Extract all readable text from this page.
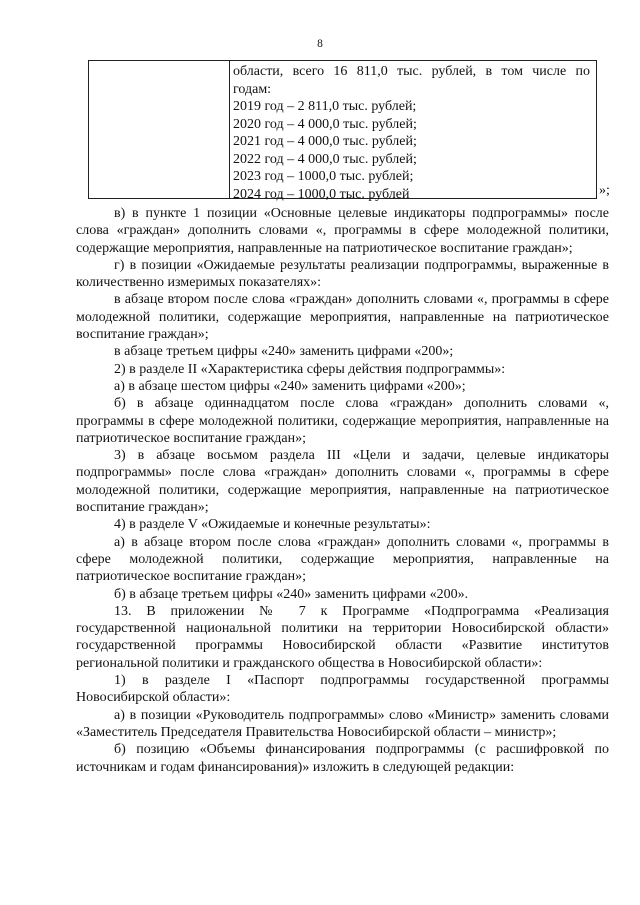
8
области, всего 16 811,0 тыс. рублей, в том числе по
годам:
2019 год – 2 811,0 тыс. рублей;
2020 год – 4 000,0 тыс. рублей;
2021 год – 4 000,0 тыс. рублей;
2022 год – 4 000,0 тыс. рублей;
2023 год – 1000,0 тыс. рублей;
2024 год – 1000,0 тыс. рублей	»;

в) в пункте 1 позиции «Основные целевые индикаторы подпрограммы» после слова «граждан» дополнить словами «, программы в сфере молодежной политики, содержащие мероприятия, направленные на патриотическое воспитание граждан»;

г) в позиции «Ожидаемые результаты реализации подпрограммы, выраженные в количественно измеримых показателях»:

в абзаце втором после слова «граждан» дополнить словами «, программы в сфере молодежной политики, содержащие мероприятия, направленные на патриотическое воспитание граждан»;

в абзаце третьем цифры «240» заменить цифрами «200»;

2) в разделе II «Характеристика сферы действия подпрограммы»:

а) в абзаце шестом цифры «240» заменить цифрами «200»;

б) в абзаце одиннадцатом после слова «граждан» дополнить словами «, программы в сфере молодежной политики, содержащие мероприятия, направленные на патриотическое воспитание граждан»;

3) в абзаце восьмом раздела III «Цели и задачи, целевые индикаторы подпрограммы» после слова «граждан» дополнить словами «, программы в сфере молодежной политики, содержащие мероприятия, направленные на патриотическое воспитание граждан»;

4) в разделе V «Ожидаемые и конечные результаты»:

а) в абзаце втором после слова «граждан» дополнить словами «, программы в сфере молодежной политики, содержащие мероприятия, направленные на патриотическое воспитание граждан»;

б) в абзаце третьем цифры «240» заменить цифрами «200».

13. В приложении № 7 к Программе «Подпрограмма «Реализация государственной национальной политики на территории Новосибирской области» государственной программы Новосибирской области «Развитие институтов региональной политики и гражданского общества в Новосибирской области»:

1) в разделе I «Паспорт подпрограммы государственной программы Новосибирской области»:

а) в позиции «Руководитель подпрограммы» слово «Министр» заменить словами «Заместитель Председателя Правительства Новосибирской области – министр»;

б) позицию «Объемы финансирования подпрограммы (с расшифровкой по источникам и годам финансирования)» изложить в следующей редакции:
